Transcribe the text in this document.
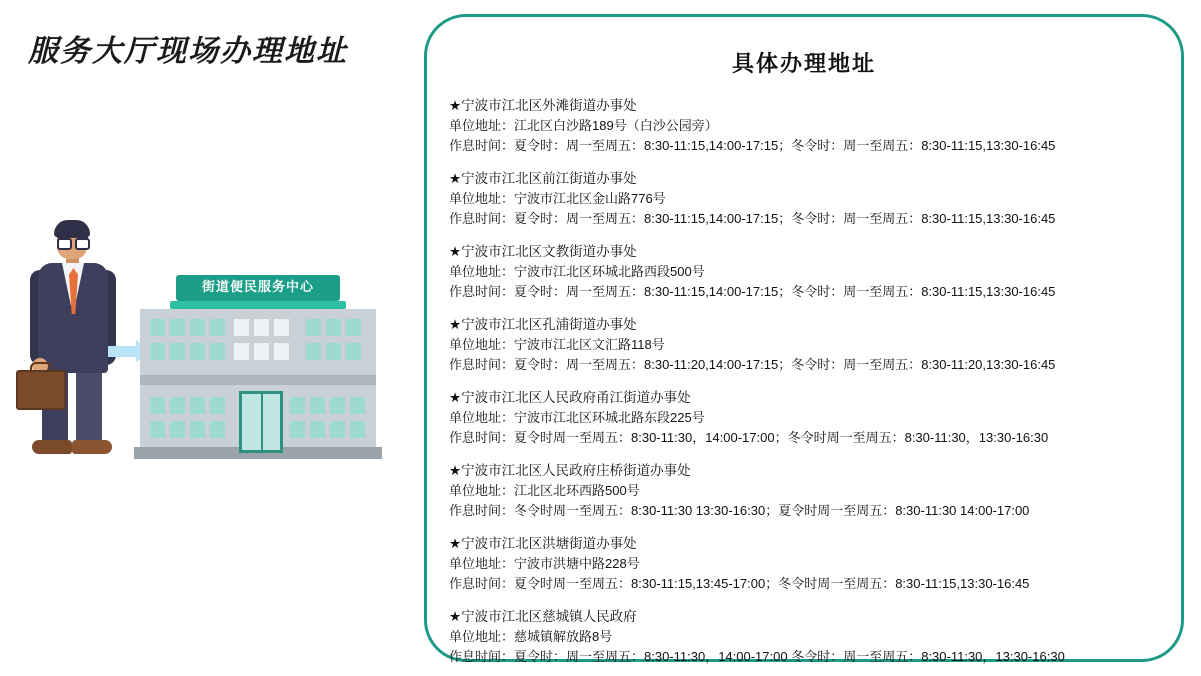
服务大厅现场办理地址
街道便民服务中心
具体办理地址
★宁波市江北区外滩街道办事处
单位地址：江北区白沙路189号（白沙公园旁）
作息时间：夏令时：周一至周五：8:30-11:15,14:00-17:15；冬令时：周一至周五：8:30-11:15,13:30-16:45
★宁波市江北区前江街道办事处
单位地址：宁波市江北区金山路776号
作息时间：夏令时：周一至周五：8:30-11:15,14:00-17:15；冬令时：周一至周五：8:30-11:15,13:30-16:45
★宁波市江北区文教街道办事处
单位地址：宁波市江北区环城北路西段500号
作息时间：夏令时：周一至周五：8:30-11:15,14:00-17:15；冬令时：周一至周五：8:30-11:15,13:30-16:45
★宁波市江北区孔浦街道办事处
单位地址：宁波市江北区文汇路118号
作息时间：夏令时：周一至周五：8:30-11:20,14:00-17:15；冬令时：周一至周五：8:30-11:20,13:30-16:45
★宁波市江北区人民政府甬江街道办事处
单位地址：宁波市江北区环城北路东段225号
作息时间：夏令时周一至周五：8:30-11:30，14:00-17:00；冬令时周一至周五：8:30-11:30，13:30-16:30
★宁波市江北区人民政府庄桥街道办事处
单位地址：江北区北环西路500号
作息时间：冬令时周一至周五：8:30-11:30 13:30-16:30；夏令时周一至周五：8:30-11:30 14:00-17:00
★宁波市江北区洪塘街道办事处
单位地址：宁波市洪塘中路228号
作息时间：夏令时周一至周五：8:30-11:15,13:45-17:00；冬令时周一至周五：8:30-11:15,13:30-16:45
★宁波市江北区慈城镇人民政府
单位地址：慈城镇解放路8号
作息时间：夏令时：周一至周五：8:30-11:30，14:00-17:00 冬令时：周一至周五：8:30-11:30，13:30-16:30
